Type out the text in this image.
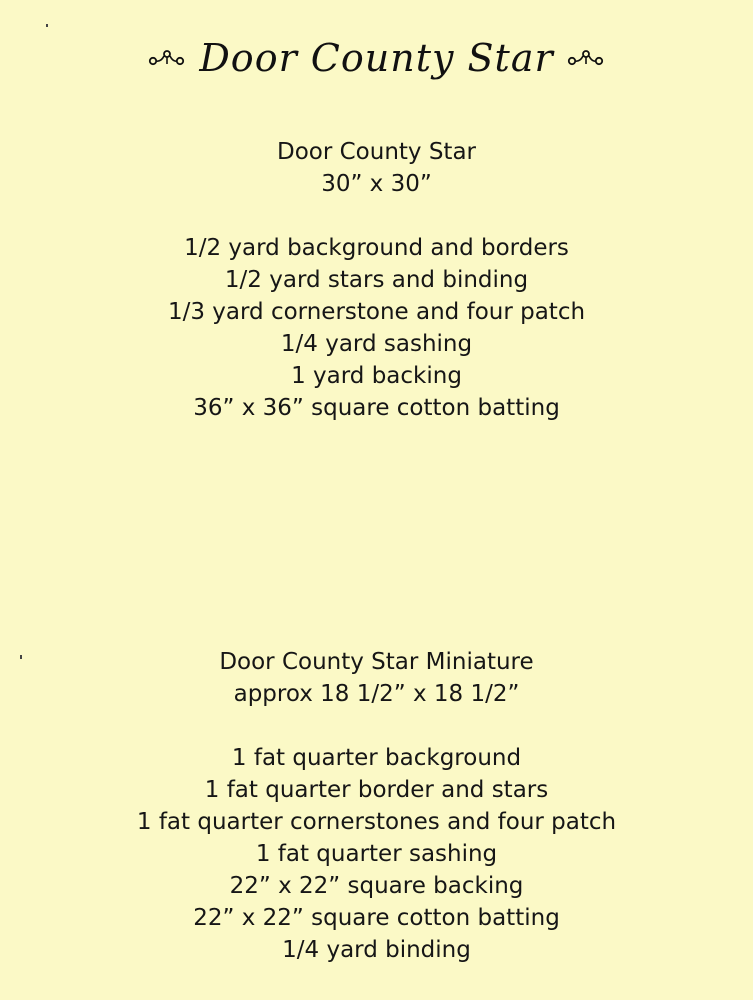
Door County Star
Door County Star
30” x 30”
1/2 yard background and borders
1/2 yard stars and binding
1/3 yard cornerstone and four patch
1/4 yard sashing
1 yard backing
36” x 36” square cotton batting
Door County Star Miniature
approx 18 1/2” x 18 1/2”
1 fat quarter background
1 fat quarter border and stars
1 fat quarter cornerstones and four patch
1 fat quarter sashing
22” x 22” square backing
22” x 22” square cotton batting
1/4 yard binding
